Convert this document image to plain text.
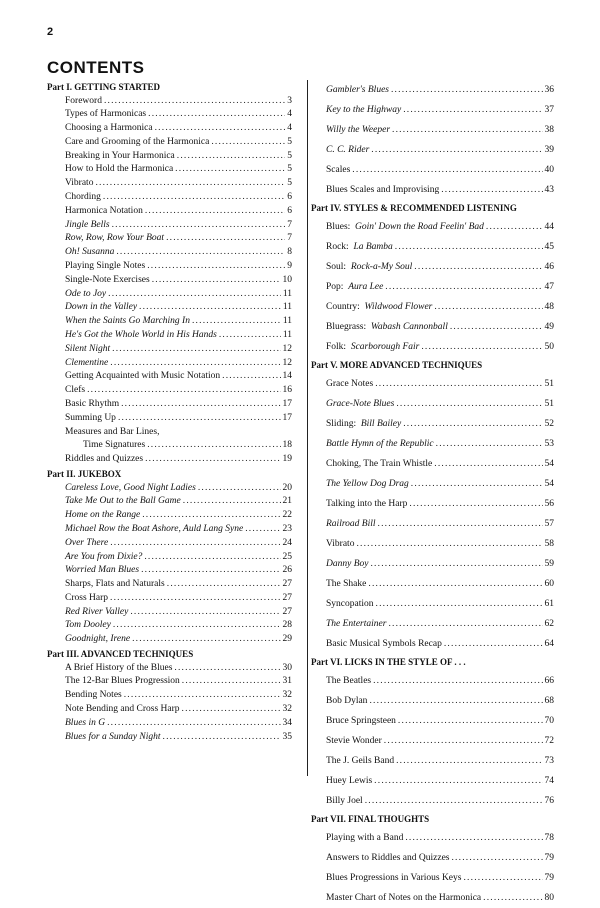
2
CONTENTS
Part I. GETTING STARTED
Foreword .....	3
Types of Harmonicas .....	4
Choosing a Harmonica .....	4
Care and Grooming of the Harmonica .....	5
Breaking in Your Harmonica .....	5
How to Hold the Harmonica .....	5
Vibrato .....	5
Chording .....	6
Harmonica Notation .....	6
Jingle Bells .....	7
Row, Row, Row Your Boat .....	7
Oh! Susanna .....	8
Playing Single Notes .....	9
Single-Note Exercises .....	10
Ode to Joy .....	11
Down in the Valley .....	11
When the Saints Go Marching In .....	11
He's Got the Whole World in His Hands .....	11
Silent Night .....	12
Clementine .....	12
Getting Acquainted with Music Notation .....	14
Clefs .....	16
Basic Rhythm .....	17
Summing Up .....	17
Measures and Bar Lines,
Time Signatures .....	18
Riddles and Quizzes .....	19
Part II. JUKEBOX
Careless Love, Good Night Ladies .....	20
Take Me Out to the Ball Game .....	21
Home on the Range .....	22
Michael Row the Boat Ashore, Auld Lang Syne .....	23
Over There .....	24
Are You from Dixie? .....	25
Worried Man Blues .....	26
Sharps, Flats and Naturals .....	27
Cross Harp .....	27
Red River Valley .....	27
Tom Dooley .....	28
Goodnight, Irene .....	29
Part III. ADVANCED TECHNIQUES
A Brief History of the Blues .....	30
The 12-Bar Blues Progression .....	31
Bending Notes .....	32
Note Bending and Cross Harp .....	32
Blues in G .....	34
Blues for a Sunday Night .....	35
Gambler's Blues .....	36
Key to the Highway .....	37
Willy the Weeper .....	38
C. C. Rider .....	39
Scales .....	40
Blues Scales and Improvising .....	43
Part IV. STYLES & RECOMMENDED LISTENING
Blues: Goin' Down the Road Feelin' Bad .....	44
Rock: La Bamba .....	45
Soul: Rock-a-My Soul .....	46
Pop: Aura Lee .....	47
Country: Wildwood Flower .....	48
Bluegrass: Wabash Cannonball .....	49
Folk: Scarborough Fair .....	50
Part V. MORE ADVANCED TECHNIQUES
Grace Notes .....	51
Grace-Note Blues .....	51
Sliding: Bill Bailey .....	52
Battle Hymn of the Republic .....	53
Choking, The Train Whistle .....	54
The Yellow Dog Drag .....	54
Talking into the Harp .....	56
Railroad Bill .....	57
Vibrato .....	58
Danny Boy .....	59
The Shake .....	60
Syncopation .....	61
The Entertainer .....	62
Basic Musical Symbols Recap .....	64
Part VI. LICKS IN THE STYLE OF . . .
The Beatles .....	66
Bob Dylan .....	68
Bruce Springsteen .....	70
Stevie Wonder .....	72
The J. Geils Band .....	73
Huey Lewis .....	74
Billy Joel .....	76
Part VII. FINAL THOUGHTS
Playing with a Band .....	78
Answers to Riddles and Quizzes .....	79
Blues Progressions in Various Keys .....	79
Master Chart of Notes on the Harmonica .....	80
